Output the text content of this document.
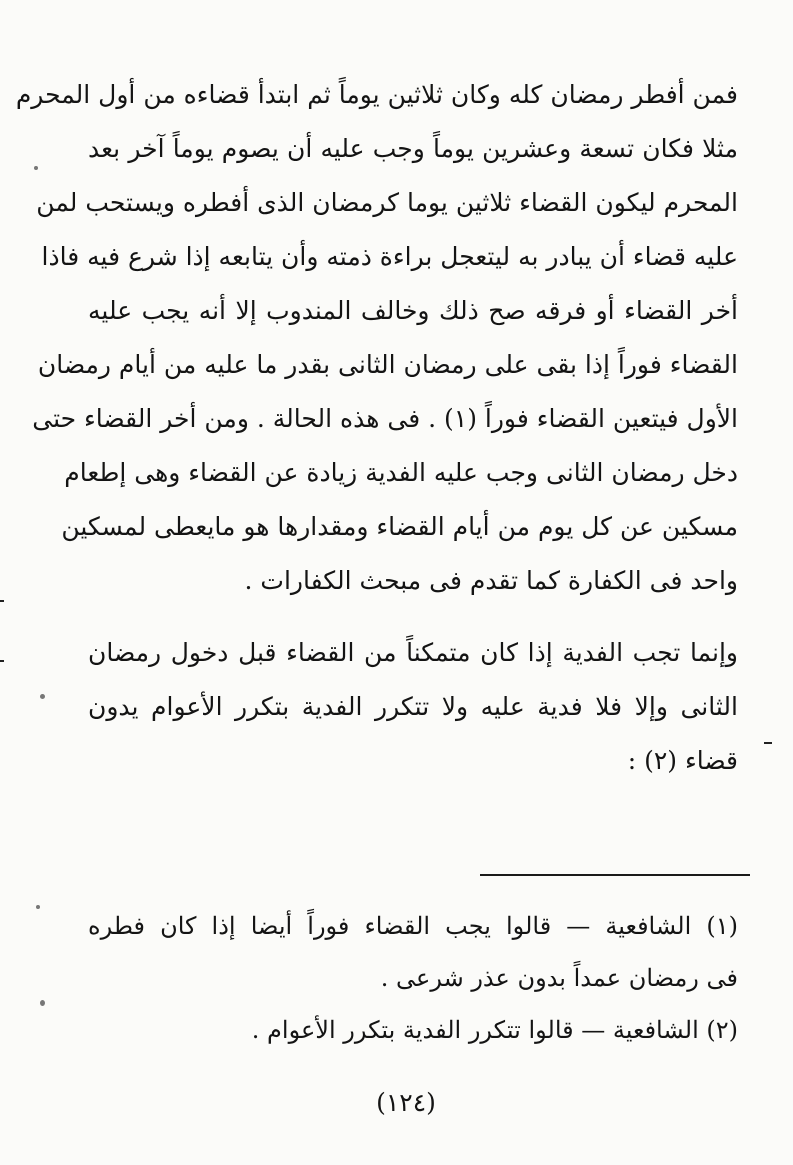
فمن أفطر رمضان كله وكان ثلاثين يوماً ثم ابتدأ قضاءه من أول المحرم
مثلا فكان تسعة وعشرين يوماً وجب عليه أن يصوم يوماً آخر بعد
المحرم ليكون القضاء ثلاثين يوما كرمضان الذى أفطره ويستحب لمن
عليه قضاء أن يبادر به ليتعجل براءة ذمته وأن يتابعه إذا شرع فيه فاذا
أخر القضاء أو فرقه صح ذلك وخالف المندوب إلا أنه يجب عليه
القضاء فوراً إذا بقى على رمضان الثانى بقدر ما عليه من أيام رمضان
الأول فيتعين القضاء فوراً (١) . فى هذه الحالة . ومن أخر القضاء حتى
دخل رمضان الثانى وجب عليه الفدية زيادة عن القضاء وهى إطعام
مسكين عن كل يوم من أيام القضاء ومقدارها هو مايعطى لمسكين
واحد فى الكفارة كما تقدم فى مبحث الكفارات .
وإنما تجب الفدية إذا كان متمكناً من القضاء قبل دخول رمضان
الثانى وإلا فلا فدية عليه ولا تتكرر الفدية بتكرر الأعوام يدون
قضاء (٢) :
(١) الشافعية — قالوا يجب القضاء فوراً أيضا إذا كان فطره
فى رمضان عمداً بدون عذر شرعى .
(٢) الشافعية — قالوا تتكرر الفدية بتكرر الأعوام .
(١٢٤)
